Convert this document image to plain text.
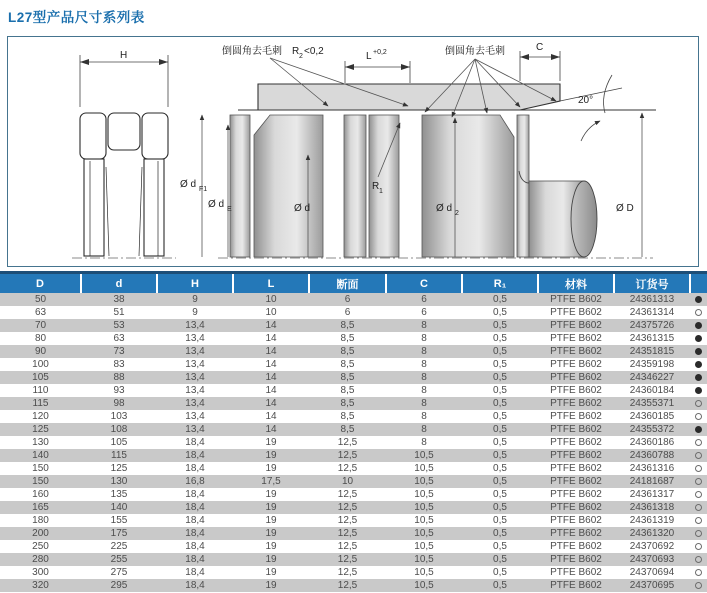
L27型产品尺寸系列表
H
Ø d F1
Ø d E	Ø d	Ø d 2	Ø D
R 1
倒圆角去毛刺 R 2 <0,2	L +0,2	倒圆角去毛刺	C
20°
D	d	H	L	断面	C	R₁	材料	订货号	
50	38	9	10	6	6	0,5	PTFE B602	24361313	
63	51	9	10	6	6	0,5	PTFE B602	24361314	
70	53	13,4	14	8,5	8	0,5	PTFE B602	24375726	
80	63	13,4	14	8,5	8	0,5	PTFE B602	24361315	
90	73	13,4	14	8,5	8	0,5	PTFE B602	24351815	
100	83	13,4	14	8,5	8	0,5	PTFE B602	24359198	
105	88	13,4	14	8,5	8	0,5	PTFE B602	24346227	
110	93	13,4	14	8,5	8	0,5	PTFE B602	24360184	
115	98	13,4	14	8,5	8	0,5	PTFE B602	24355371	
120	103	13,4	14	8,5	8	0,5	PTFE B602	24360185	
125	108	13,4	14	8,5	8	0,5	PTFE B602	24355372	
130	105	18,4	19	12,5	8	0,5	PTFE B602	24360186	
140	115	18,4	19	12,5	10,5	0,5	PTFE B602	24360788	
150	125	18,4	19	12,5	10,5	0,5	PTFE B602	24361316	
150	130	16,8	17,5	10	10,5	0,5	PTFE B602	24181687	
160	135	18,4	19	12,5	10,5	0,5	PTFE B602	24361317	
165	140	18,4	19	12,5	10,5	0,5	PTFE B602	24361318	
180	155	18,4	19	12,5	10,5	0,5	PTFE B602	24361319	
200	175	18,4	19	12,5	10,5	0,5	PTFE B602	24361320	
250	225	18,4	19	12,5	10,5	0,5	PTFE B602	24370692	
280	255	18,4	19	12,5	10,5	0,5	PTFE B602	24370693	
300	275	18,4	19	12,5	10,5	0,5	PTFE B602	24370694	
320	295	18,4	19	12,5	10,5	0,5	PTFE B602	24370695	
